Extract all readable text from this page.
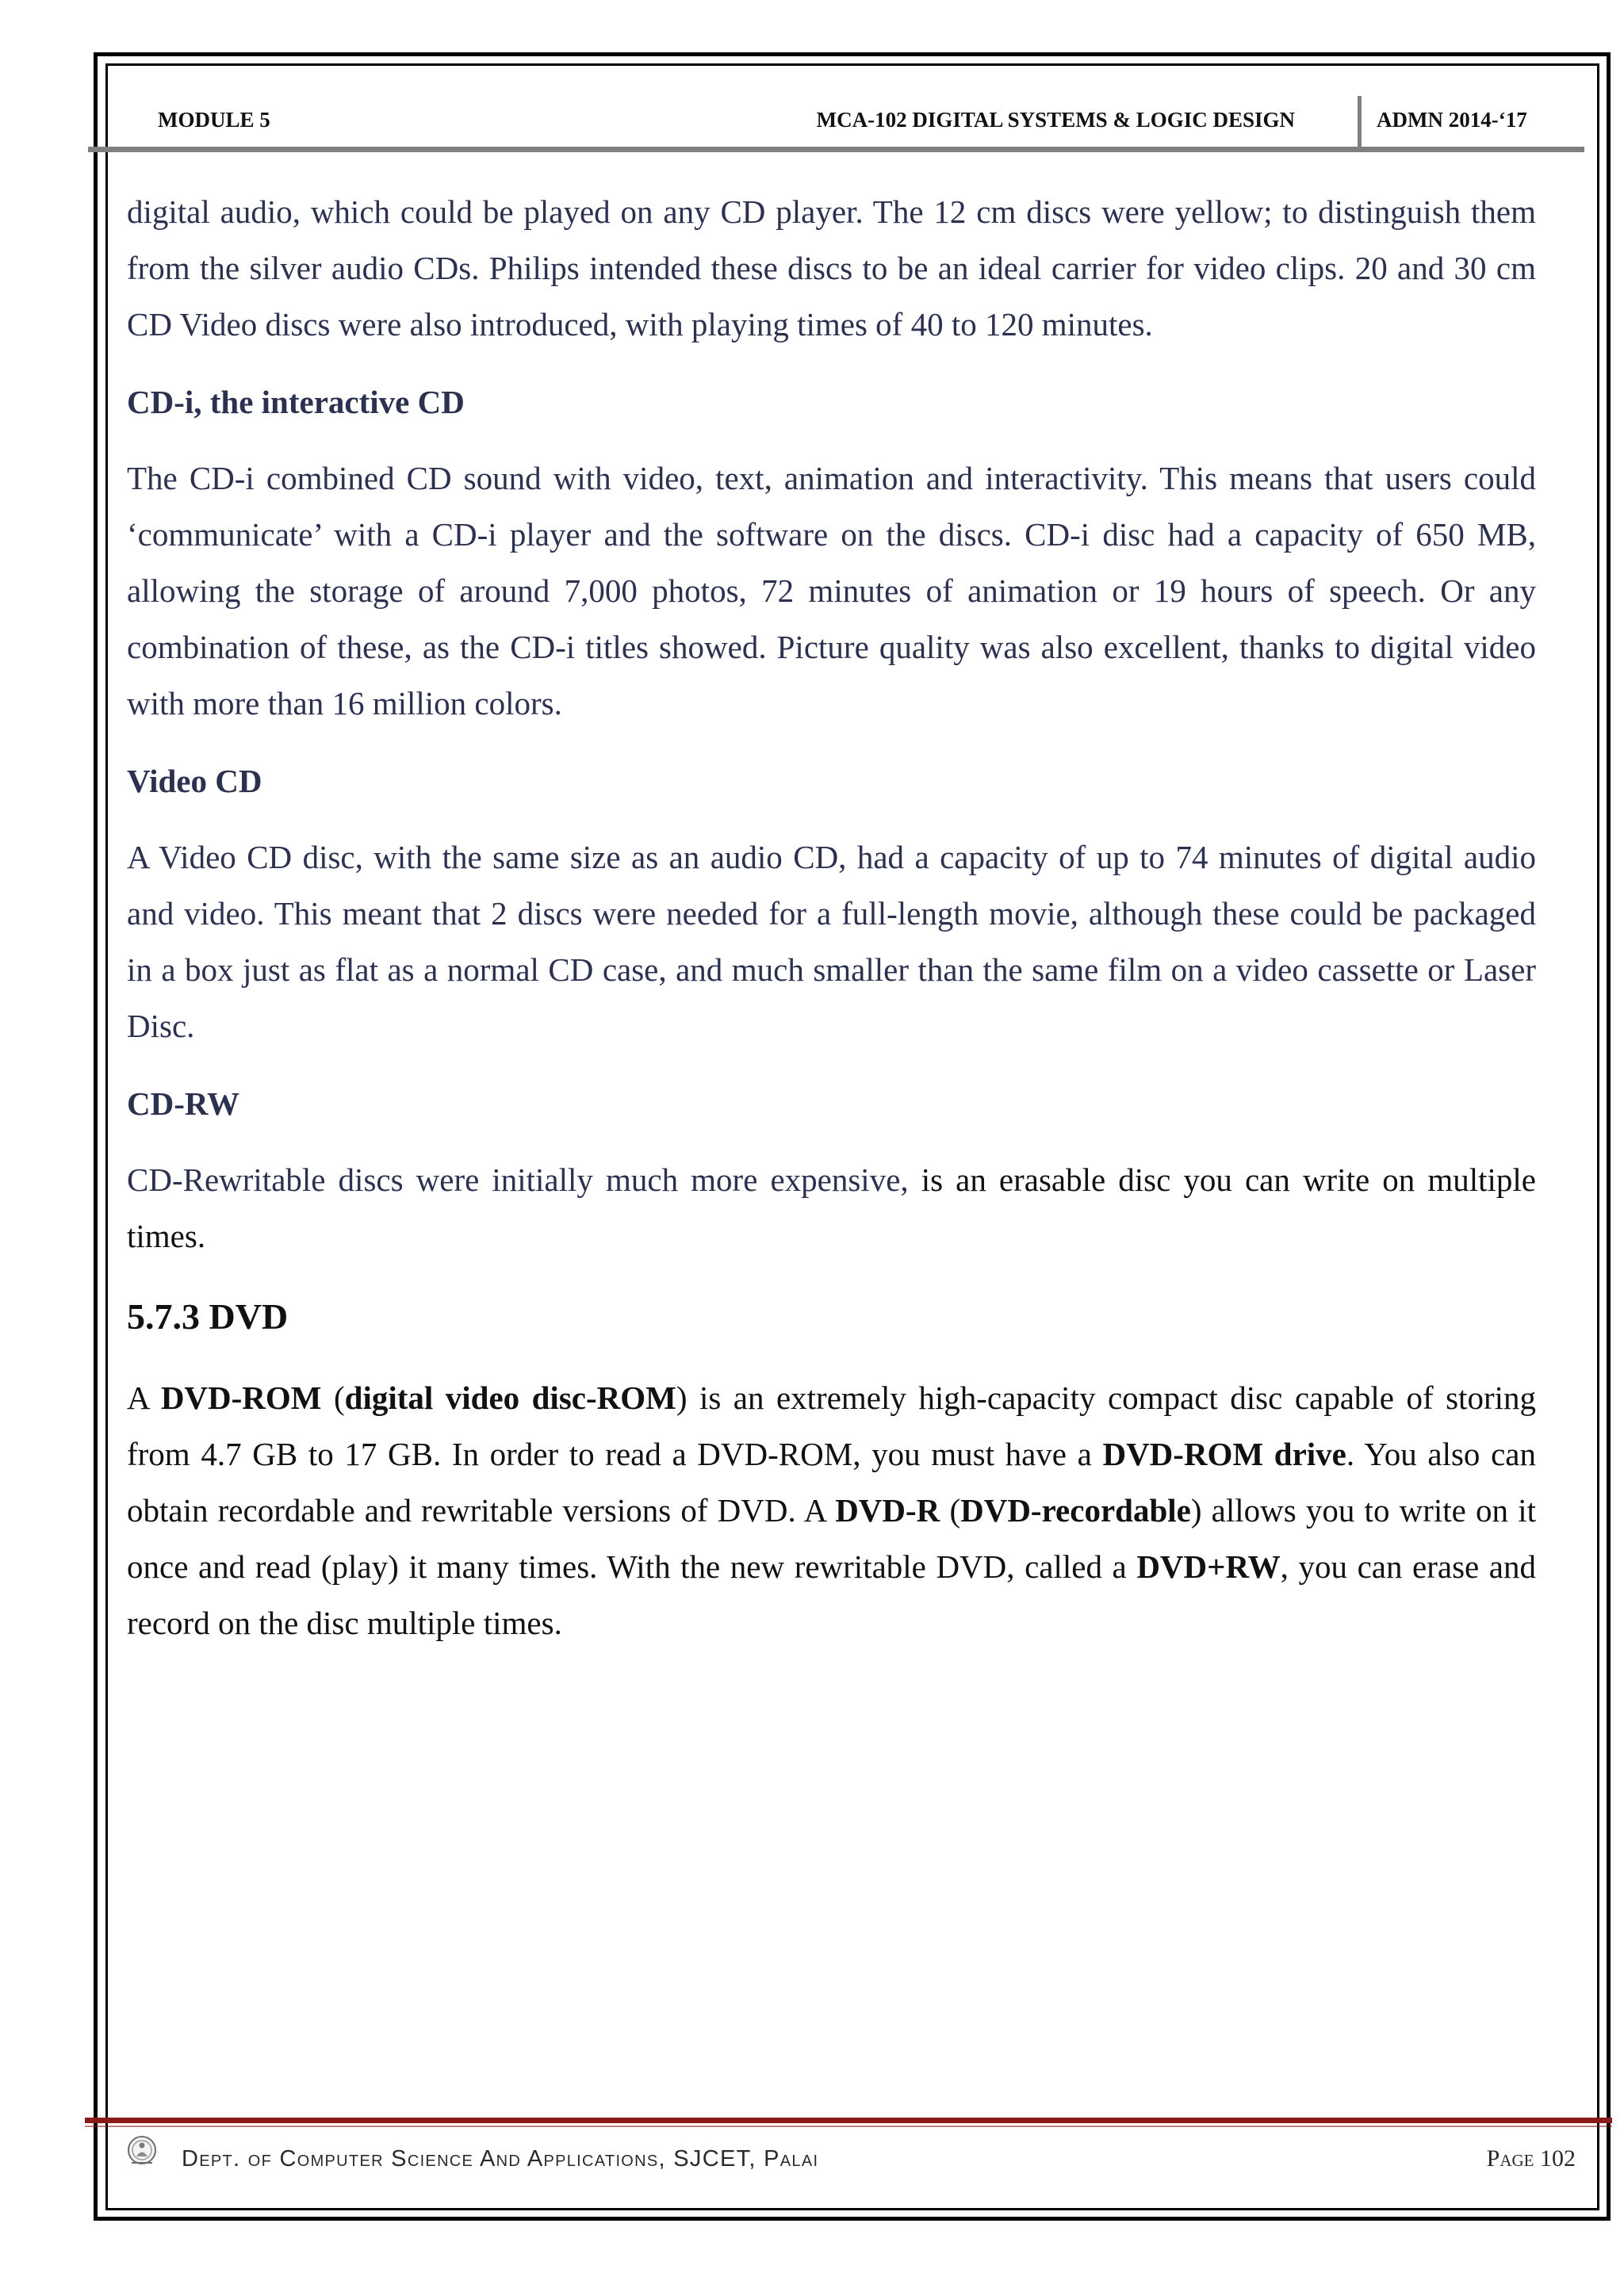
MODULE 5	MCA-102 DIGITAL SYSTEMS & LOGIC DESIGN	ADMN 2014-‘17
digital audio, which could be played on any CD player. The 12 cm discs were yellow; to distinguish them
from the silver audio CDs. Philips intended these discs to be an ideal carrier for video clips. 20 and 30 cm
CD Video discs were also introduced, with playing times of 40 to 120 minutes.
CD-i, the interactive CD
The CD-i combined CD sound with video, text, animation and interactivity. This means that users could
‘communicate’ with a CD-i player and the software on the discs. CD-i disc had a capacity of 650 MB,
allowing the storage of around 7,000 photos, 72 minutes of animation or 19 hours of speech. Or any
combination of these, as the CD-i titles showed. Picture quality was also excellent, thanks to digital video
with more than 16 million colors.
Video CD
A Video CD disc, with the same size as an audio CD, had a capacity of up to 74 minutes of digital audio
and video. This meant that 2 discs were needed for a full-length movie, although these could be packaged
in a box just as flat as a normal CD case, and much smaller than the same film on a video cassette or Laser
Disc.
CD-RW
CD-Rewritable discs were initially much more expensive, is an erasable disc you can write on multiple
times.
5.7.3 DVD
A DVD-ROM (digital video disc-ROM) is an extremely high-capacity compact disc capable of storing
from 4.7 GB to 17 GB. In order to read a DVD-ROM, you must have a DVD-ROM drive. You also can
obtain recordable and rewritable versions of DVD. A DVD-R (DVD-recordable) allows you to write on it
once and read (play) it many times. With the new rewritable DVD, called a DVD+RW, you can erase and
record on the disc multiple times.
Dept. of Computer Science And Applications, SJCET, Palai	Page 102
